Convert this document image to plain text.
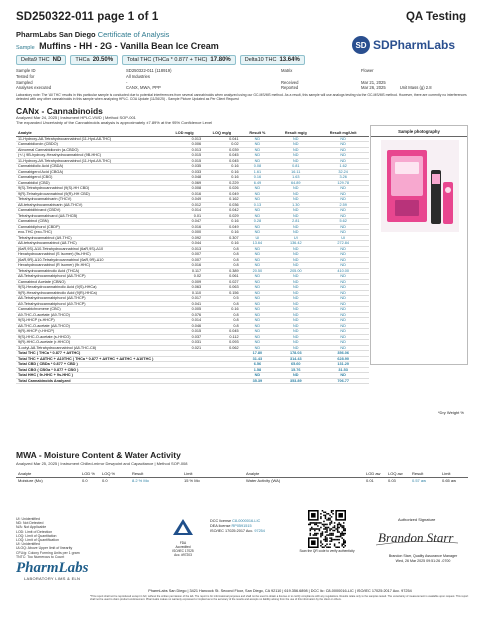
SD250322-011 page 1 of 1	QA Testing
PharmLabs San Diego Certificate of Analysis
Sample Muffins - HH - 2G - Vanilla Bean Ice Cream	SD SDPharmLabs
Delta9 THC ND	THCa 20.50%	Total THC (THCa * 0.877 + THC) 17.80%	Delta10 THC 13.64%
Sample ID	SD250322-011 (118919)	Matrix	Flower
Tested for	All Industries
Sampled	-	Received	Mar 21, 2025
Analyses executed	CANX, MWA, PPP	Reported	Mar 26, 2025	Unit Mass (g) 2.8
Laboratory note: The 'All THC' results in this particular sample is conducted due to potential interferences from several cannabinoids when analyzed using our GC-MS/MS method. As a result, this sample will use analogs testing via the GC-MS/MS method. However, there are currently no interferences detected with any other cannabinoids in this sample when analyzing HPLC. COA Update (11/26/25) - Sample Picture Updated as Per Client Request
CANx - Cannabinoids
Analyzed Mar 24, 2025 | Instrument HPLC-VWD | Method SOP-001
The expanded Uncertainty of the Cannabinoids analysis is approximately ±7.89% at the 95% Confidence Level
Analyte	LOD mg/g	LOQ mg/g	Result %	Result mg/g	Result mg/Unit
11-Hydroxy-Δ8-Tetrahydrocannabinol (11-Hyd-Δ8-THC)	0.013	0.041	ND	ND	ND
Cannabidiorcin (CBDO)	0.006	0.02	ND	ND	ND
Abnormal Cannabidiorcin (a-CBDO)	0.013	0.039	ND	ND	ND
(+/-) 9B-hydroxy-Hexahydrocannabinol (9B-HHC)	0.015	0.045	ND	ND	ND
11-Hydroxy-Δ9-Tetrahydrocannabinol (11-Hyd-Δ9-THC)	0.015	0.045	ND	ND	ND
Cannabidiolic Acid (CBDA)	0.035	0.16	0.08	0.81	1.62
Cannabigerol Acid (CBGA)	0.033	0.16	1.61	16.11	32.24
Cannabigerol (CBG)	0.048	0.16	0.16	1.63	3.26
Cannabidiol (CBD)	0.069	0.229	6.49	64.89	129.78
9(S)-Tetrahydrocannabinol (9(S)-HH CBD)	0.008	0.026	ND	ND	ND
9(R)-Tetrahydrocannabinol (9(R)-HH CBD)	0.016	0.049	ND	ND	ND
Tetrahydrocannabivarin (THCV)	0.049	0.162	ND	ND	ND
Δ8-tetrahydrocannabivarin (Δ8-THCV)	0.012	0.036	0.13	1.30	2.59
Cannabidibivarol (CBDV)	0.014	0.042	ND	ND	ND
Tetrahydrocannabivarol (Δ8-THCB)	0.01	0.029	ND	ND	ND
Cannabinol (CBN)	0.047	0.16	0.28	2.81	5.62
Cannabidiphorol (CBDP)	0.016	0.049	ND	ND	ND
exo-THC (exo-THC)	0.000	0.16	ND	ND	ND
Tetrahydrocannabinol (Δ9-THC)	0.092	0.307	UI	UI	UI
Δ8-tetrahydrocannabinol (Δ8-THC)	0.044	0.16	13.64	136.42	272.84
(6aR,9S)-Δ10-Tetrahydrocannabinol (6aR,9S)-Δ10	0.013	0.8	ND	ND	ND
Hexahydrocannabinol (S Isomer) (9s-HHC)	0.007	0.8	ND	ND	ND
(6aR,9R)-Δ10-Tetrahydrocannabinol (6aR,9R)-Δ10	0.007	0.8	ND	ND	ND
Hexahydrocannabinol (R Isomer) (9r-HHC)	0.016	0.8	ND	ND	ND
Tetrahydrocannabinolic Acid (THCA)	0.117	0.389	20.50	205.00	410.00
Δ8-Tetrahydrocannabiphorol (Δ8-THCP)	0.02	0.061	ND	ND	ND
Cannabinol Acetate (CBNO)	0.009	0.027	ND	ND	ND
9(S)-Hexahydrocannabinolic Acid (9(S)-HHCa)	0.063	0.063	ND	ND	ND
9(R)-Hexahydrocannabinolic Acid (9(R)-HHCa)	0.110	0.156	ND	ND	ND
Δ8-Tetrahydrocannabiphorol (Δ8-THCP)	0.017	0.5	ND	ND	ND
Δ9-Tetrahydrocannabiphorol (Δ9-THCP)	0.041	0.8	ND	ND	ND
Cannabichromene (CBC)	0.005	0.16	ND	ND	ND
Δ9-THC-O-acetate (Δ9-THCO)	0.076	0.8	ND	ND	ND
9(S)-HHCP (s-HHCP)	0.014	0.8	ND	ND	ND
Δ8-THC-O-acetate (Δ8-THCO)	0.046	0.8	ND	ND	ND
9(R)-HHCP (r-HHCP)	0.015	0.045	ND	ND	ND
9(S)-HHC-O-acetate (s-HHCO)	0.037	0.112	ND	ND	ND
9(R)-HHC-O-acetate (r-HHCO)	0.031	0.093	ND	ND	ND
3-octyl-Δ8-Tetrahydrocannabinol (Δ8-THC-C8)	0.021	0.062	ND	ND	ND
Total THC ( THCa * 0.877 + Δ9THC)			17.80	178.03	356.06
Total THC + Δ8THC + Δ10THC ( THCa * 0.877 + Δ9THC + Δ8THC + Δ10THC )			31.43	314.43	628.90
Total CBD ( CBDa * 0.877 + CBD )			6.56	65.60	131.20
Total CBG ( CBGa * 0.877 + CBG )			1.58	15.76	31.53
Total HHC ( 9r-HHC + 9s-HHC )			ND	ND	ND
Total Cannabinoids Analyzed			35.39	353.89	706.77
Sample photography
*Dry Weight %
MWA - Moisture Content & Water Activity
Analyzed Mar 25, 2025 | Instrument Chilled-mirror Dewpoint and Capacitance | Method SOP-008
Analyte	LOD %	LOQ %	Result	Limit	Analyte	LOD aw	LOQ aw	Result	Limit
Moisture (Mo)	0.0	0.0	8.2 % Mo	15 % Mo	Water Activity (WA)	0.01	0.03	0.57 aw	0.65 aw
UI: Unidentified
ND: Not Detected
N/A: Not Applicable
LOD: Limit of Detection
LOQ: Limit of Quantitation
LOQ: Limit of Quantification
UI: Unidentified
ULOQ: Above Upper limit of linearity
CFU/g: Colony Forming Units per 1 gram
TNTC: Too Numerous to Count
PharmLabs
LABORATORY LIMS & ELN
FDA
Accredited
ISO/IEC 17025
Acc. #97203
DCC license C8-0000016-LIC
DEA license RP0591515
ISO/IEC 17025:2017 Acc. 97254
Scan the QR code to verify authenticity
Authorized Signature
Brandon Starr
Brandon Starr, Quality Assurance Manager
Wed, 26 Mar 2025 09:51:26 -0700
PharmLabs San Diego | 3421 Hancock St. Second Floor, San Diego, CA 92110 | 619.356.6898 | DCC lic: C8-0000016-LIC | ISO/IEC 17025:2017 Acc. 97254
*This report shall not be reproduced except in full, without the written permission of the lab. The report is for informational purposes and shall not be used to obtain a license or to certify compliance with any regulations. Results relate only to the samples tested. The uncertainty of measurement is available upon request. This report shall not be used to claim product endorsement. PharmLabs makes no warranty expressed or implied as to the accuracy of the results and accepts no liability arising from the use of this information by the client or others.
